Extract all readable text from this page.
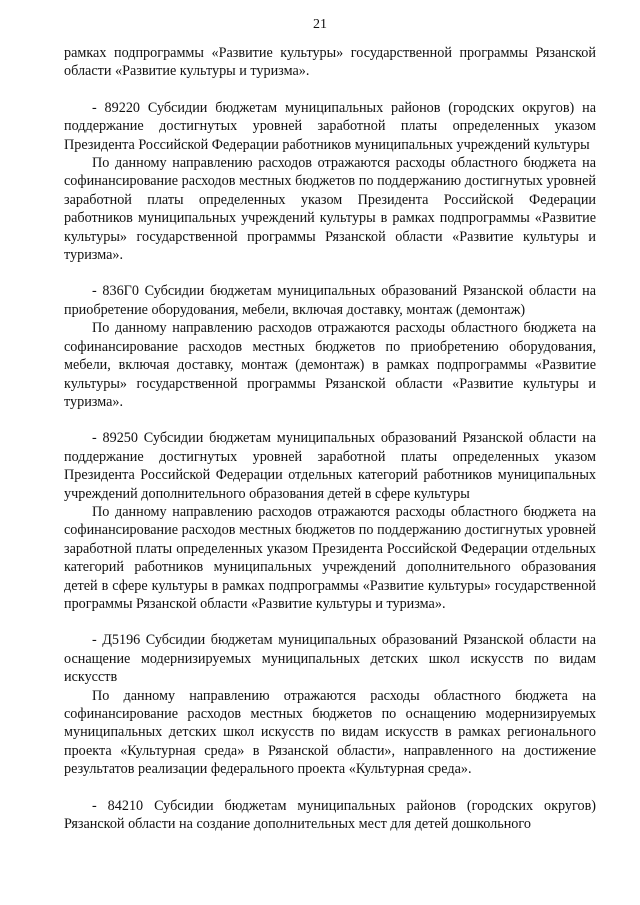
21

рамках подпрограммы «Развитие культуры» государственной программы Рязанской области «Развитие культуры и туризма».

- 89220 Субсидии бюджетам муниципальных районов (городских округов) на поддержание достигнутых уровней заработной платы определенных указом Президента Российской Федерации работников муниципальных учреждений культуры

По данному направлению расходов отражаются расходы областного бюджета на софинансирование расходов местных бюджетов по поддержанию достигнутых уровней заработной платы определенных указом Президента Российской Федерации работников муниципальных учреждений культуры в рамках подпрограммы «Развитие культуры» государственной программы Рязанской области «Развитие культуры и туризма».

- 836Г0 Субсидии бюджетам муниципальных образований Рязанской области на приобретение оборудования, мебели, включая доставку, монтаж (демонтаж)

По данному направлению расходов отражаются расходы областного бюджета на софинансирование расходов местных бюджетов по приобретению оборудования, мебели, включая доставку, монтаж (демонтаж) в рамках подпрограммы «Развитие культуры» государственной программы Рязанской области «Развитие культуры и туризма».

- 89250 Субсидии бюджетам муниципальных образований Рязанской области на поддержание достигнутых уровней заработной платы определенных указом Президента Российской Федерации отдельных категорий работников муниципальных учреждений дополнительного образования детей в сфере культуры

По данному направлению расходов отражаются расходы областного бюджета на софинансирование расходов местных бюджетов по поддержанию достигнутых уровней заработной платы определенных указом Президента Российской Федерации отдельных категорий работников муниципальных учреждений дополнительного образования детей в сфере культуры в рамках подпрограммы «Развитие культуры» государственной программы Рязанской области «Развитие культуры и туризма».

- Д5196 Субсидии бюджетам муниципальных образований Рязанской области на оснащение модернизируемых муниципальных детских школ искусств по видам искусств

По данному направлению отражаются расходы областного бюджета на софинансирование расходов местных бюджетов по оснащению модернизируемых муниципальных детских школ искусств по видам искусств в рамках регионального проекта «Культурная среда» в Рязанской области», направленного на достижение результатов реализации федерального проекта «Культурная среда».

- 84210 Субсидии бюджетам муниципальных районов (городских округов) Рязанской области на создание дополнительных мест для детей дошкольного
